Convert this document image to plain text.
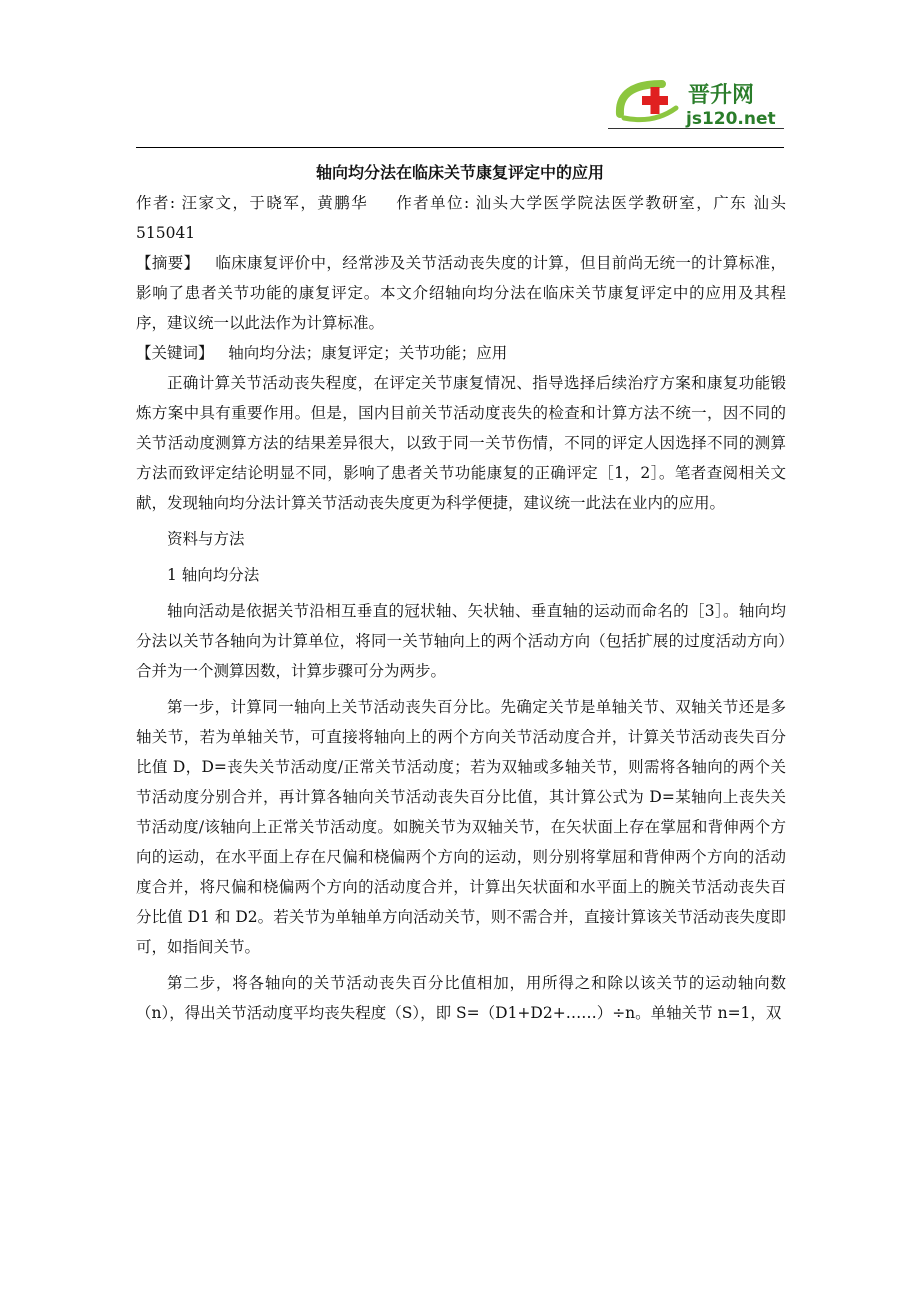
晋升网
js120.net
轴向均分法在临床关节康复评定中的应用

作者: 汪家文，于晓军，黄鹏华 作者单位: 汕头大学医学院法医学教研室，广东 汕头 515041

【摘要】 临床康复评价中，经常涉及关节活动丧失度的计算，但目前尚无统一的计算标准，影响了患者关节功能的康复评定。本文介绍轴向均分法在临床关节康复评定中的应用及其程序，建议统一以此法作为计算标准。

【关键词】 轴向均分法；康复评定；关节功能；应用

正确计算关节活动丧失程度，在评定关节康复情况、指导选择后续治疗方案和康复功能锻炼方案中具有重要作用。但是，国内目前关节活动度丧失的检查和计算方法不统一，因不同的关节活动度测算方法的结果差异很大，以致于同一关节伤情，不同的评定人因选择不同的测算方法而致评定结论明显不同，影响了患者关节功能康复的正确评定［1，2］。笔者查阅相关文献，发现轴向均分法计算关节活动丧失度更为科学便捷，建议统一此法在业内的应用。

资料与方法

1 轴向均分法

轴向活动是依据关节沿相互垂直的冠状轴、矢状轴、垂直轴的运动而命名的［3］。轴向均分法以关节各轴向为计算单位，将同一关节轴向上的两个活动方向（包括扩展的过度活动方向）合并为一个测算因数，计算步骤可分为两步。

第一步，计算同一轴向上关节活动丧失百分比。先确定关节是单轴关节、双轴关节还是多轴关节，若为单轴关节，可直接将轴向上的两个方向关节活动度合并，计算关节活动丧失百分比值 D，D=丧失关节活动度/正常关节活动度；若为双轴或多轴关节，则需将各轴向的两个关节活动度分别合并，再计算各轴向关节活动丧失百分比值，其计算公式为 D=某轴向上丧失关节活动度/该轴向上正常关节活动度。如腕关节为双轴关节，在矢状面上存在掌屈和背伸两个方向的运动，在水平面上存在尺偏和桡偏两个方向的运动，则分别将掌屈和背伸两个方向的活动度合并，将尺偏和桡偏两个方向的活动度合并，计算出矢状面和水平面上的腕关节活动丧失百分比值 D1 和 D2。若关节为单轴单方向活动关节，则不需合并，直接计算该关节活动丧失度即可，如指间关节。

第二步，将各轴向的关节活动丧失百分比值相加，用所得之和除以该关节的运动轴向数（n），得出关节活动度平均丧失程度（S），即 S=（D1+D2+……）÷n。单轴关节 n=1，双
